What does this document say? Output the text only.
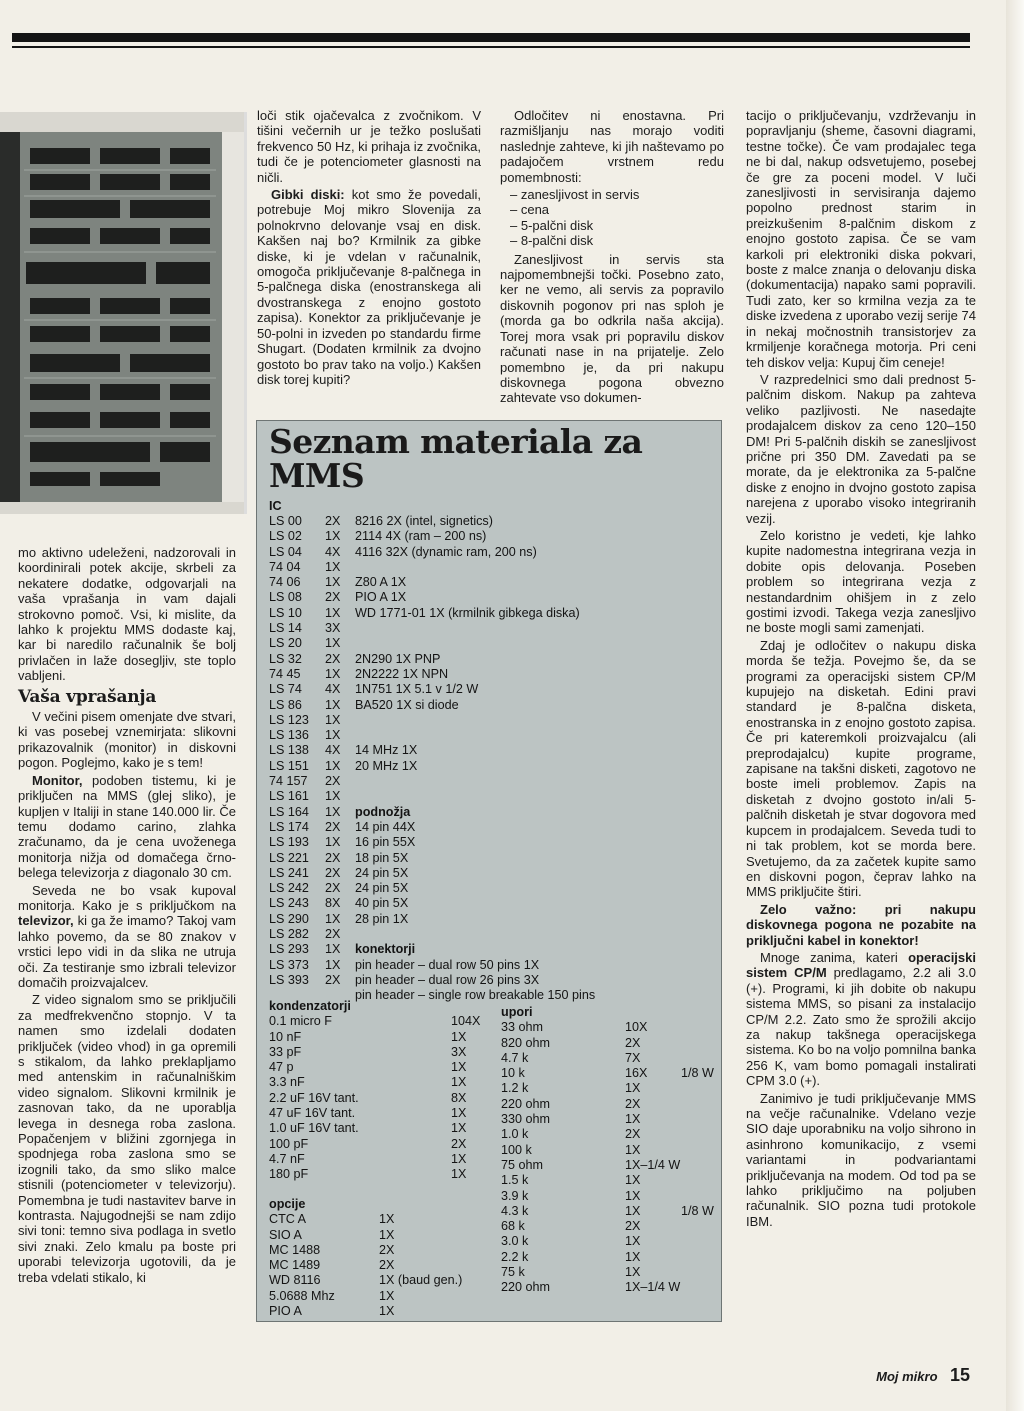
mo aktivno udeleženi, nadzorovali in koordinirali potek akcije, skrbeli za nekatere dodatke, odgovarjali na vaša vprašanja in vam dajali strokovno pomoč. Vsi, ki mislite, da lahko k projektu MMS dodaste kaj, kar bi naredilo računalnik še bolj privlačen in laže dosegljiv, ste toplo vabljeni.

Vaša vprašanja

V večini pisem omenjate dve stvari, ki vas posebej vznemirjata: slikovni prikazovalnik (monitor) in diskovni pogon. Poglejmo, kako je s tem!

Monitor, podoben tistemu, ki je priključen na MMS (glej sliko), je kupljen v Italiji in stane 140.000 lir. Če temu dodamo carino, zlahka zračunamo, da je cena uvoženega monitorja nižja od domačega črno-belega televizorja z diagonalo 30 cm.

Seveda ne bo vsak kupoval monitorja. Kako je s priključkom na televizor, ki ga že imamo? Takoj vam lahko povemo, da se 80 znakov v vrstici lepo vidi in da slika ne utruja oči. Za testiranje smo izbrali televizor domačih proizvajalcev.

Z video signalom smo se priključili za medfrekvenčno stopnjo. V ta namen smo izdelali dodaten priključek (video vhod) in ga opremili s stikalom, da lahko preklapljamo med antenskim in računalniškim video signalom. Slikovni krmilnik je zasnovan tako, da ne uporablja levega in desnega roba zaslona. Popačenjem v bližini zgornjega in spodnjega roba zaslona smo se izognili tako, da smo sliko malce stisnili (potenciometer v televizorju). Pomembna je tudi nastavitev barve in kontrasta. Najugodnejši se nam zdijo sivi toni: temno siva podlaga in svetlo sivi znaki. Zelo kmalu pa boste pri uporabi televizorja ugotovili, da je treba vdelati stikalo, ki

loči stik ojačevalca z zvočnikom. V tišini večernih ur je težko poslušati frekvenco 50 Hz, ki prihaja iz zvočnika, tudi če je potenciometer glasnosti na ničli.

Gibki diski: kot smo že povedali, potrebuje Moj mikro Slovenija za polnokrvno delovanje vsaj en disk. Kakšen naj bo? Krmilnik za gibke diske, ki je vdelan v računalnik, omogoča priključevanje 8-palčnega in 5-palčnega diska (enostranskega ali dvostranskega z enojno gostoto zapisa). Konektor za priključevanje je 50-polni in izveden po standardu firme Shugart. (Dodaten krmilnik za dvojno gostoto bo prav tako na voljo.) Kakšen disk torej kupiti?

Odločitev ni enostavna. Pri razmišljanju nas morajo voditi naslednje zahteve, ki jih naštevamo po padajočem vrstnem redu pomembnosti:

– zanesljivost in servis
– cena
– 5-palčni disk
– 8-palčni disk

Zanesljivost in servis sta najpomembnejši točki. Posebno zato, ker ne vemo, ali servis za popravilo diskovnih pogonov pri nas sploh je (morda ga bo odkrila naša akcija). Torej mora vsak pri popravilu diskov računati nase in na prijatelje. Zelo pomembno je, da pri nakupu diskovnega pogona obvezno zahtevate vso dokumen-

tacijo o priključevanju, vzdrževanju in popravljanju (sheme, časovni diagrami, testne točke). Če vam prodajalec tega ne bi dal, nakup odsvetujemo, posebej če gre za poceni model. V luči zanesljivosti in servisiranja dajemo popolno prednost starim in preizkušenim 8-palčnim diskom z enojno gostoto zapisa. Če se vam karkoli pri elektroniki diska pokvari, boste z malce znanja o delovanju diska (dokumentacija) napako sami popravili. Tudi zato, ker so krmilna vezja za te diske izvedena z uporabo vezij serije 74 in nekaj močnostnih transistorjev za krmiljenje koračnega motorja. Pri ceni teh diskov velja: Kupuj čim ceneje!

V razpredelnici smo dali prednost 5-palčnim diskom. Nakup pa zahteva veliko pazljivosti. Ne nasedajte prodajalcem diskov za ceno 120–150 DM! Pri 5-palčnih diskih se zanesljivost prične pri 350 DM. Zavedati pa se morate, da je elektronika za 5-palčne diske z enojno in dvojno gostoto zapisa narejena z uporabo visoko integriranih vezij.

Zelo koristno je vedeti, kje lahko kupite nadomestna integrirana vezja in dobite opis delovanja. Poseben problem so integrirana vezja z nestandardnim ohišjem in z zelo gostimi izvodi. Takega vezja zanesljivo ne boste mogli sami zamenjati.

Zdaj je odločitev o nakupu diska morda še težja. Povejmo še, da se programi za operacijski sistem CP/M kupujejo na disketah. Edini pravi standard je 8-palčna disketa, enostranska in z enojno gostoto zapisa. Če pri kateremkoli proizvajalcu (ali preprodajalcu) kupite programe, zapisane na takšni disketi, zagotovo ne boste imeli problemov. Zapis na disketah z dvojno gostoto in/ali 5-palčnih disketah je stvar dogovora med kupcem in prodajalcem. Seveda tudi to ni tak problem, kot se morda bere. Svetujemo, da za začetek kupite samo en diskovni pogon, čeprav lahko na MMS priključite štiri.

Zelo važno: pri nakupu diskovnega pogona ne pozabite na priključni kabel in konektor!

Mnoge zanima, kateri operacijski sistem CP/M predlagamo, 2.2 ali 3.0 (+). Programi, ki jih dobite ob nakupu sistema MMS, so pisani za instalacijo CP/M 2.2. Zato smo že sprožili akcijo za nakup takšnega operacijskega sistema. Ko bo na voljo pomnilna banka 256 K, vam bomo pomagali instalirati CPM 3.0 (+).

Zanimivo je tudi priključevanje MMS na večje računalnike. Vdelano vezje SIO daje uporabniku na voljo sihrono in asinhrono komunikacijo, z vsemi variantami in podvariantami priključevanja na modem. Od tod pa se lahko priključimo na poljuben računalnik. SIO pozna tudi protokole IBM.

Seznam materiala za MMS
IC
LS 00 2X 8216 2X (intel, signetics)
LS 02 1X 2114 4X (ram – 200 ns)
LS 04 4X 4116 32X (dynamic ram, 200 ns)
74 04 1X
74 06 1X Z80 A 1X
LS 08 2X PIO A 1X
LS 10 1X WD 1771-01 1X (krmilnik gibkega diska)
LS 14 3X
LS 20 1X
LS 32 2X 2N290 1X PNP
74 45 1X 2N2222 1X NPN
LS 74 4X 1N751 1X 5.1 v 1/2 W
LS 86 1X BA520 1X si diode
LS 123 1X
LS 136 1X
LS 138 4X 14 MHz 1X
LS 151 1X 20 MHz 1X
74 157 2X
LS 161 1X
LS 164 1X podnožja
LS 174 2X 14 pin 44X
LS 193 1X 16 pin 55X
LS 221 2X 18 pin 5X
LS 241 2X 24 pin 5X
LS 242 2X 24 pin 5X
LS 243 8X 40 pin 5X
LS 290 1X 28 pin 1X
LS 282 2X
LS 293 1X konektorji
LS 373 1X pin header – dual row 50 pins 1X
LS 393 2X pin header – dual row 26 pins 3X
pin header – single row breakable 150 pins
kondenzatorji
0.1 micro F	104X
10 nF	1X
33 pF	3X
47 p	1X
3.3 nF	1X
2.2 uF 16V tant.	8X
47 uF 16V tant.	1X
1.0 uF 16V tant.	1X
100 pF	2X
4.7 nF	1X
180 pF	1X
opcije
CTC A	1X
SIO A	1X
MC 1488	2X
MC 1489	2X
WD 8116	1X (baud gen.)
5.0688 Mhz	1X
PIO A	1X
upori
33 ohm	10X
820 ohm	2X
4.7 k	7X
10 k	16X	1/8 W
1.2 k	1X
220 ohm	2X
330 ohm	1X
1.0 k	2X
100 k	1X
75 ohm	1X–1/4 W
1.5 k	1X
3.9 k	1X
4.3 k	1X	1/8 W
68 k	2X
3.0 k	1X
2.2 k	1X
75 k	1X
220 ohm	1X–1/4 W
Moj mikro 15
